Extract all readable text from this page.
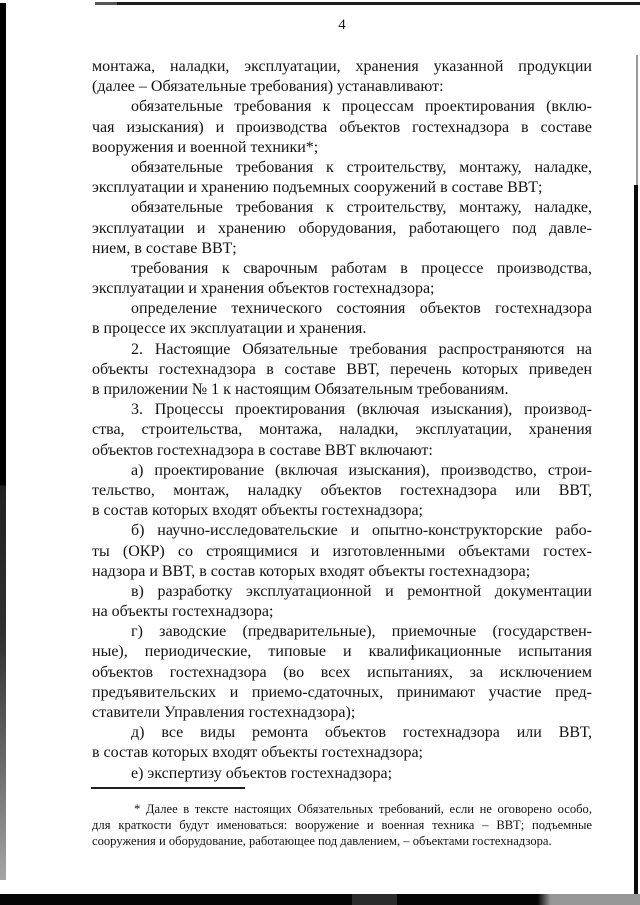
4
монтажа, наладки, эксплуатации, хранения указанной продукции
(далее – Обязательные требования) устанавливают:
обязательные требования к процессам проектирования (вклю-
чая изыскания) и производства объектов гостехнадзора в составе
вооружения и военной техники*;
обязательные требования к строительству, монтажу, наладке,
эксплуатации и хранению подъемных сооружений в составе ВВТ;
обязательные требования к строительству, монтажу, наладке,
эксплуатации и хранению оборудования, работающего под давле-
нием, в составе ВВТ;
требования к сварочным работам в процессе производства,
эксплуатации и хранения объектов гостехнадзора;
определение технического состояния объектов гостехнадзора
в процессе их эксплуатации и хранения.
2. Настоящие Обязательные требования распространяются на
объекты гостехнадзора в составе ВВТ, перечень которых приведен
в приложении № 1 к настоящим Обязательным требованиям.
3. Процессы проектирования (включая изыскания), производ-
ства, строительства, монтажа, наладки, эксплуатации, хранения
объектов гостехнадзора в составе ВВТ включают:
а) проектирование (включая изыскания), производство, строи-
тельство, монтаж, наладку объектов гостехнадзора или ВВТ,
в состав которых входят объекты гостехнадзора;
б) научно-исследовательские и опытно-конструкторские рабо-
ты (ОКР) со строящимися и изготовленными объектами гостех-
надзора и ВВТ, в состав которых входят объекты гостехнадзора;
в) разработку эксплуатационной и ремонтной документации
на объекты гостехнадзора;
г) заводские (предварительные), приемочные (государствен-
ные), периодические, типовые и квалификационные испытания
объектов гостехнадзора (во всех испытаниях, за исключением
предъявительских и приемо-сдаточных, принимают участие пред-
ставители Управления гостехнадзора);
д) все виды ремонта объектов гостехнадзора или ВВТ,
в состав которых входят объекты гостехнадзора;
е) экспертизу объектов гостехнадзора;
* Далее в тексте настоящих Обязательных требований, если не оговорено особо,
для краткости будут именоваться: вооружение и военная техника – ВВТ; подъемные
сооружения и оборудование, работающее под давлением, – объектами гостехнадзора.
